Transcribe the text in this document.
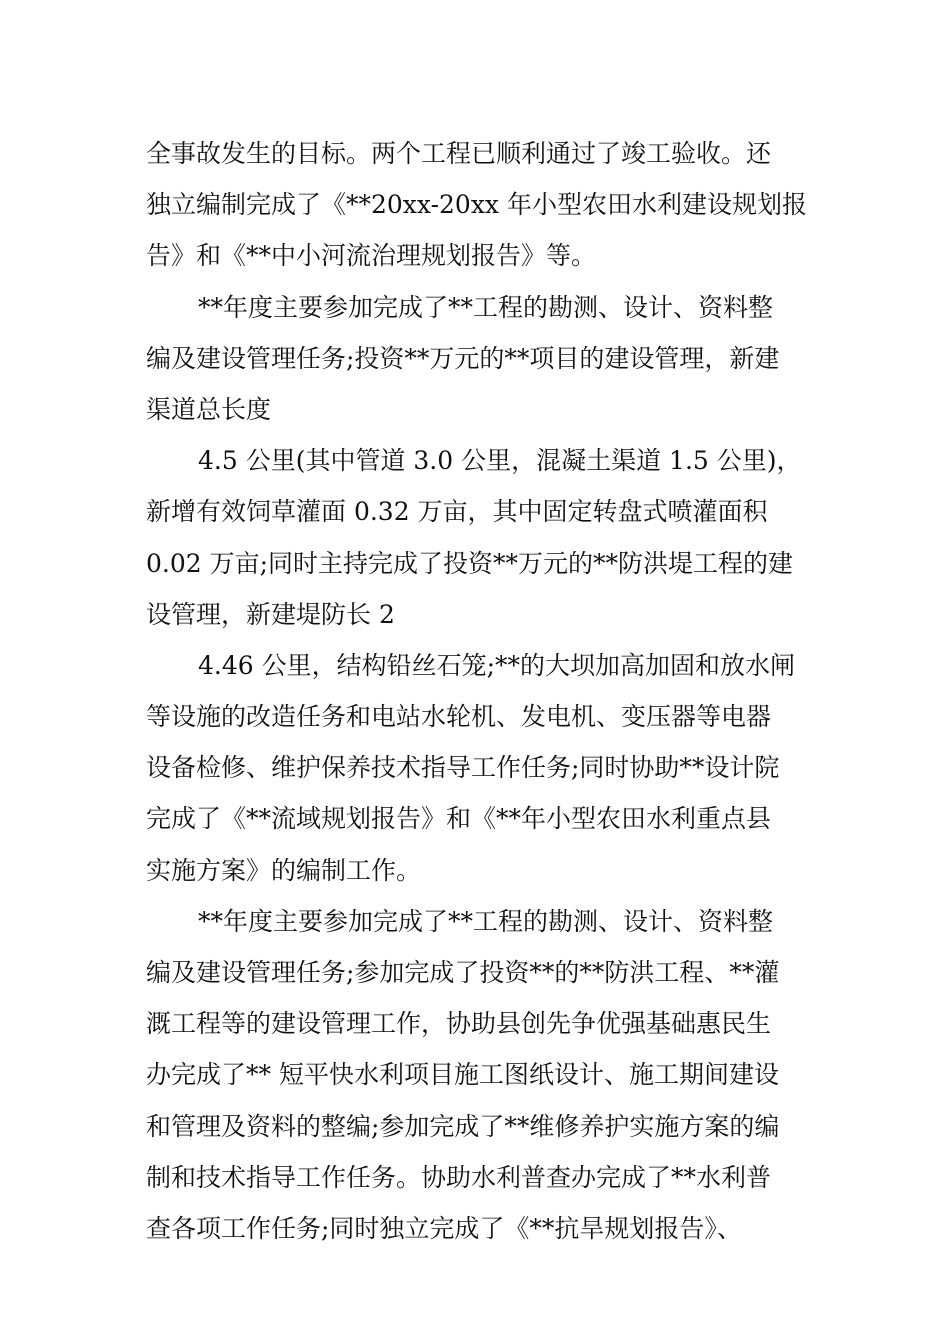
全事故发生的目标。两个工程已顺利通过了竣工验收。还
独立编制完成了《**20xx-20xx 年小型农田水利建设规划报
告》和《**中小河流治理规划报告》等。
**年度主要参加完成了**工程的勘测、设计、资料整
编及建设管理任务;投资**万元的**项目的建设管理，新建
渠道总长度
4.5 公里(其中管道 3.0 公里，混凝土渠道 1.5 公里)，
新增有效饲草灌面 0.32 万亩，其中固定转盘式喷灌面积
0.02 万亩;同时主持完成了投资**万元的**防洪堤工程的建
设管理，新建堤防长 2
4.46 公里，结构铅丝石笼;**的大坝加高加固和放水闸
等设施的改造任务和电站水轮机、发电机、变压器等电器
设备检修、维护保养技术指导工作任务;同时协助**设计院
完成了《**流域规划报告》和《**年小型农田水利重点县
实施方案》的编制工作。
**年度主要参加完成了**工程的勘测、设计、资料整
编及建设管理任务;参加完成了投资**的**防洪工程、**灌
溉工程等的建设管理工作，协助县创先争优强基础惠民生
办完成了** 短平快水利项目施工图纸设计、施工期间建设
和管理及资料的整编;参加完成了**维修养护实施方案的编
制和技术指导工作任务。协助水利普查办完成了**水利普
查各项工作任务;同时独立完成了《**抗旱规划报告》、
